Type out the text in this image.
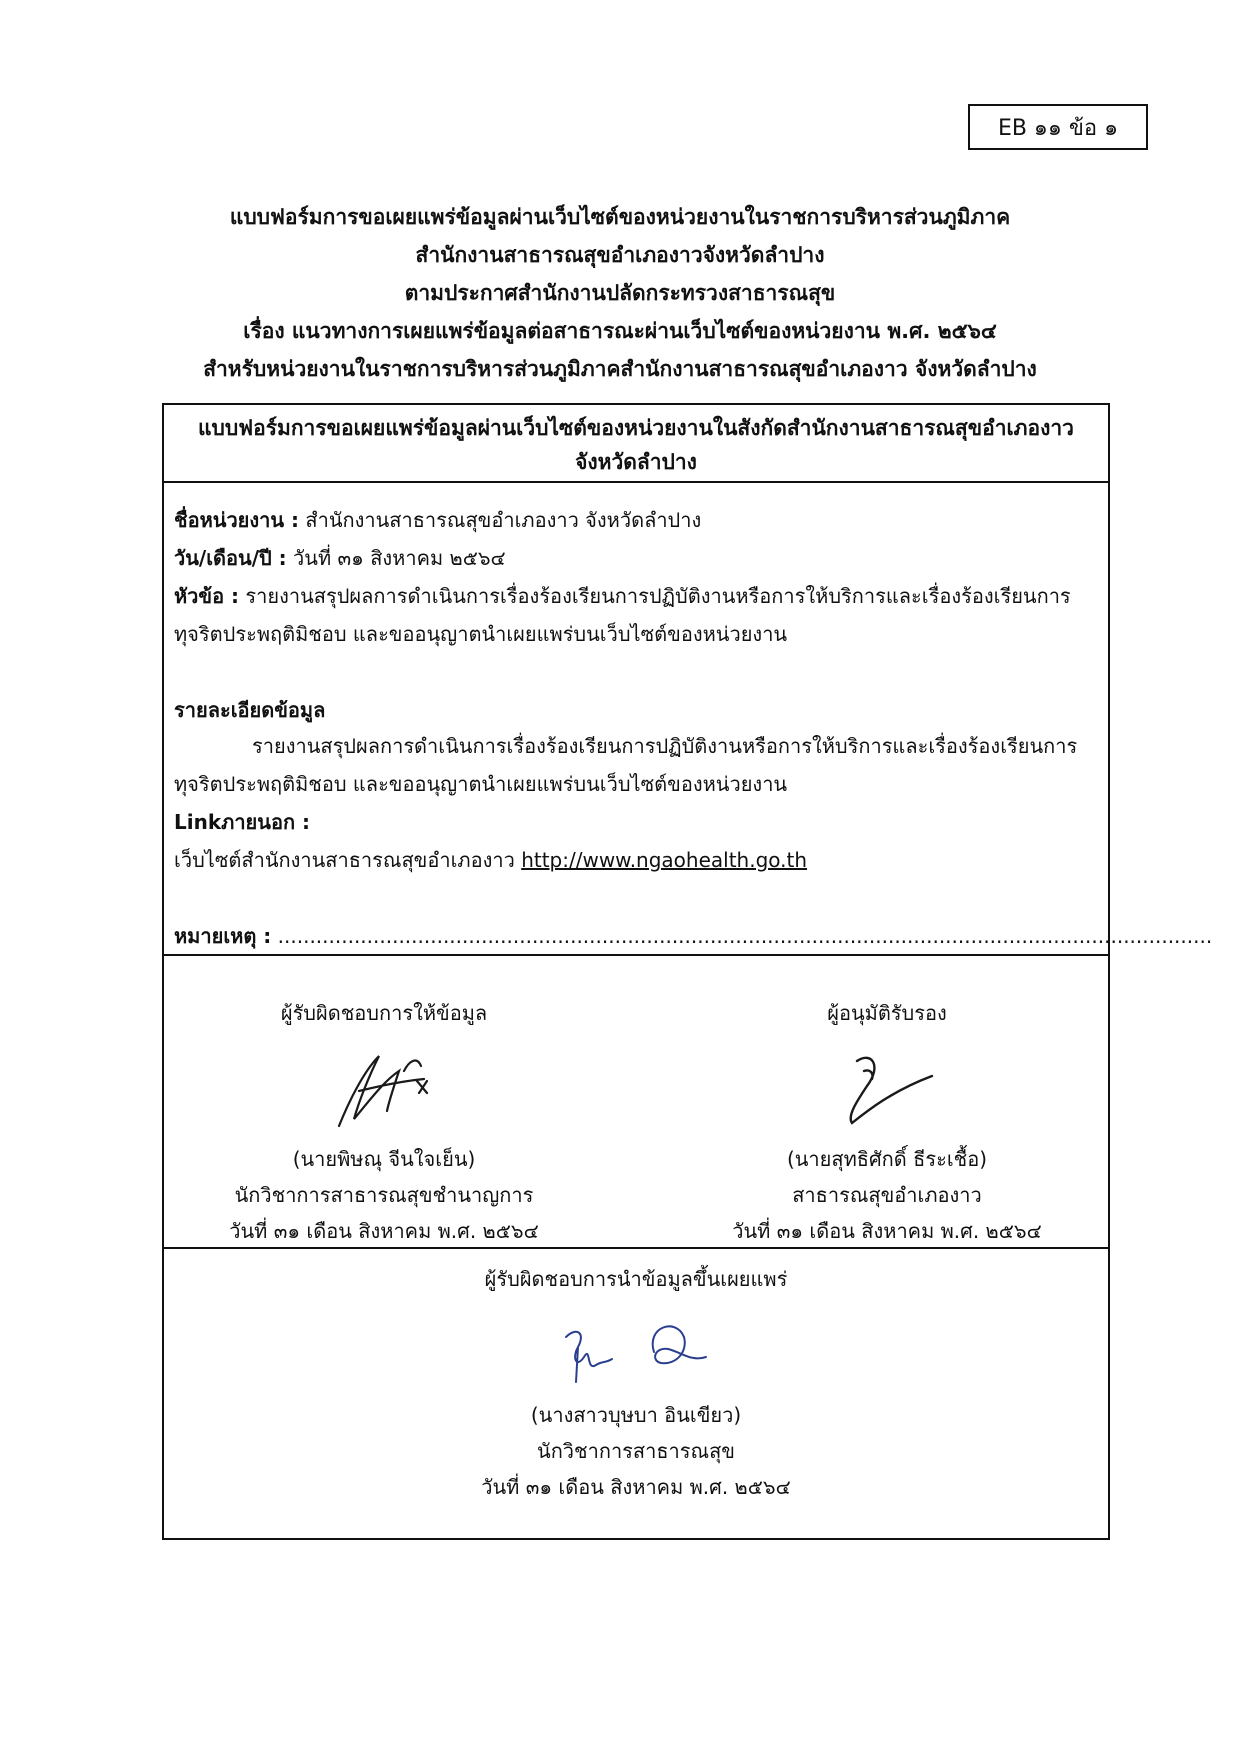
EB ๑๑ ข้อ ๑
แบบฟอร์มการขอเผยแพร่ข้อมูลผ่านเว็บไซต์ของหน่วยงานในราชการบริหารส่วนภูมิภาค
สำนักงานสาธารณสุขอำเภองาวจังหวัดลำปาง
ตามประกาศสำนักงานปลัดกระทรวงสาธารณสุข
เรื่อง แนวทางการเผยแพร่ข้อมูลต่อสาธารณะผ่านเว็บไซต์ของหน่วยงาน พ.ศ. ๒๕๖๔
สำหรับหน่วยงานในราชการบริหารส่วนภูมิภาคสำนักงานสาธารณสุขอำเภองาว จังหวัดลำปาง
แบบฟอร์มการขอเผยแพร่ข้อมูลผ่านเว็บไซต์ของหน่วยงานในสังกัดสำนักงานสาธารณสุขอำเภองาว
จังหวัดลำปาง
ชื่อหน่วยงาน : สำนักงานสาธารณสุขอำเภองาว จังหวัดลำปาง
วัน/เดือน/ปี : วันที่ ๓๑ สิงหาคม ๒๕๖๔
หัวข้อ : รายงานสรุปผลการดำเนินการเรื่องร้องเรียนการปฏิบัติงานหรือการให้บริการและเรื่องร้องเรียนการ
ทุจริตประพฤติมิชอบ และขออนุญาตนำเผยแพร่บนเว็บไซต์ของหน่วยงาน
รายละเอียดข้อมูล
รายงานสรุปผลการดำเนินการเรื่องร้องเรียนการปฏิบัติงานหรือการให้บริการและเรื่องร้องเรียนการ
ทุจริตประพฤติมิชอบ และขออนุญาตนำเผยแพร่บนเว็บไซต์ของหน่วยงาน
Linkภายนอก :
เว็บไซต์สำนักงานสาธารณสุขอำเภองาว http://www.ngaohealth.go.th
หมายเหตุ : ...................................................................................................................................................
ผู้รับผิดชอบการให้ข้อมูล
(นายพิษณุ จีนใจเย็น)
นักวิชาการสาธารณสุขชำนาญการ
วันที่ ๓๑ เดือน สิงหาคม พ.ศ. ๒๕๖๔
ผู้อนุมัติรับรอง
(นายสุทธิศักดิ์ ธีระเชื้อ)
สาธารณสุขอำเภองาว
วันที่ ๓๑ เดือน สิงหาคม พ.ศ. ๒๕๖๔
ผู้รับผิดชอบการนำข้อมูลขึ้นเผยแพร่
(นางสาวบุษบา อินเขียว)
นักวิชาการสาธารณสุข
วันที่ ๓๑ เดือน สิงหาคม พ.ศ. ๒๕๖๔
